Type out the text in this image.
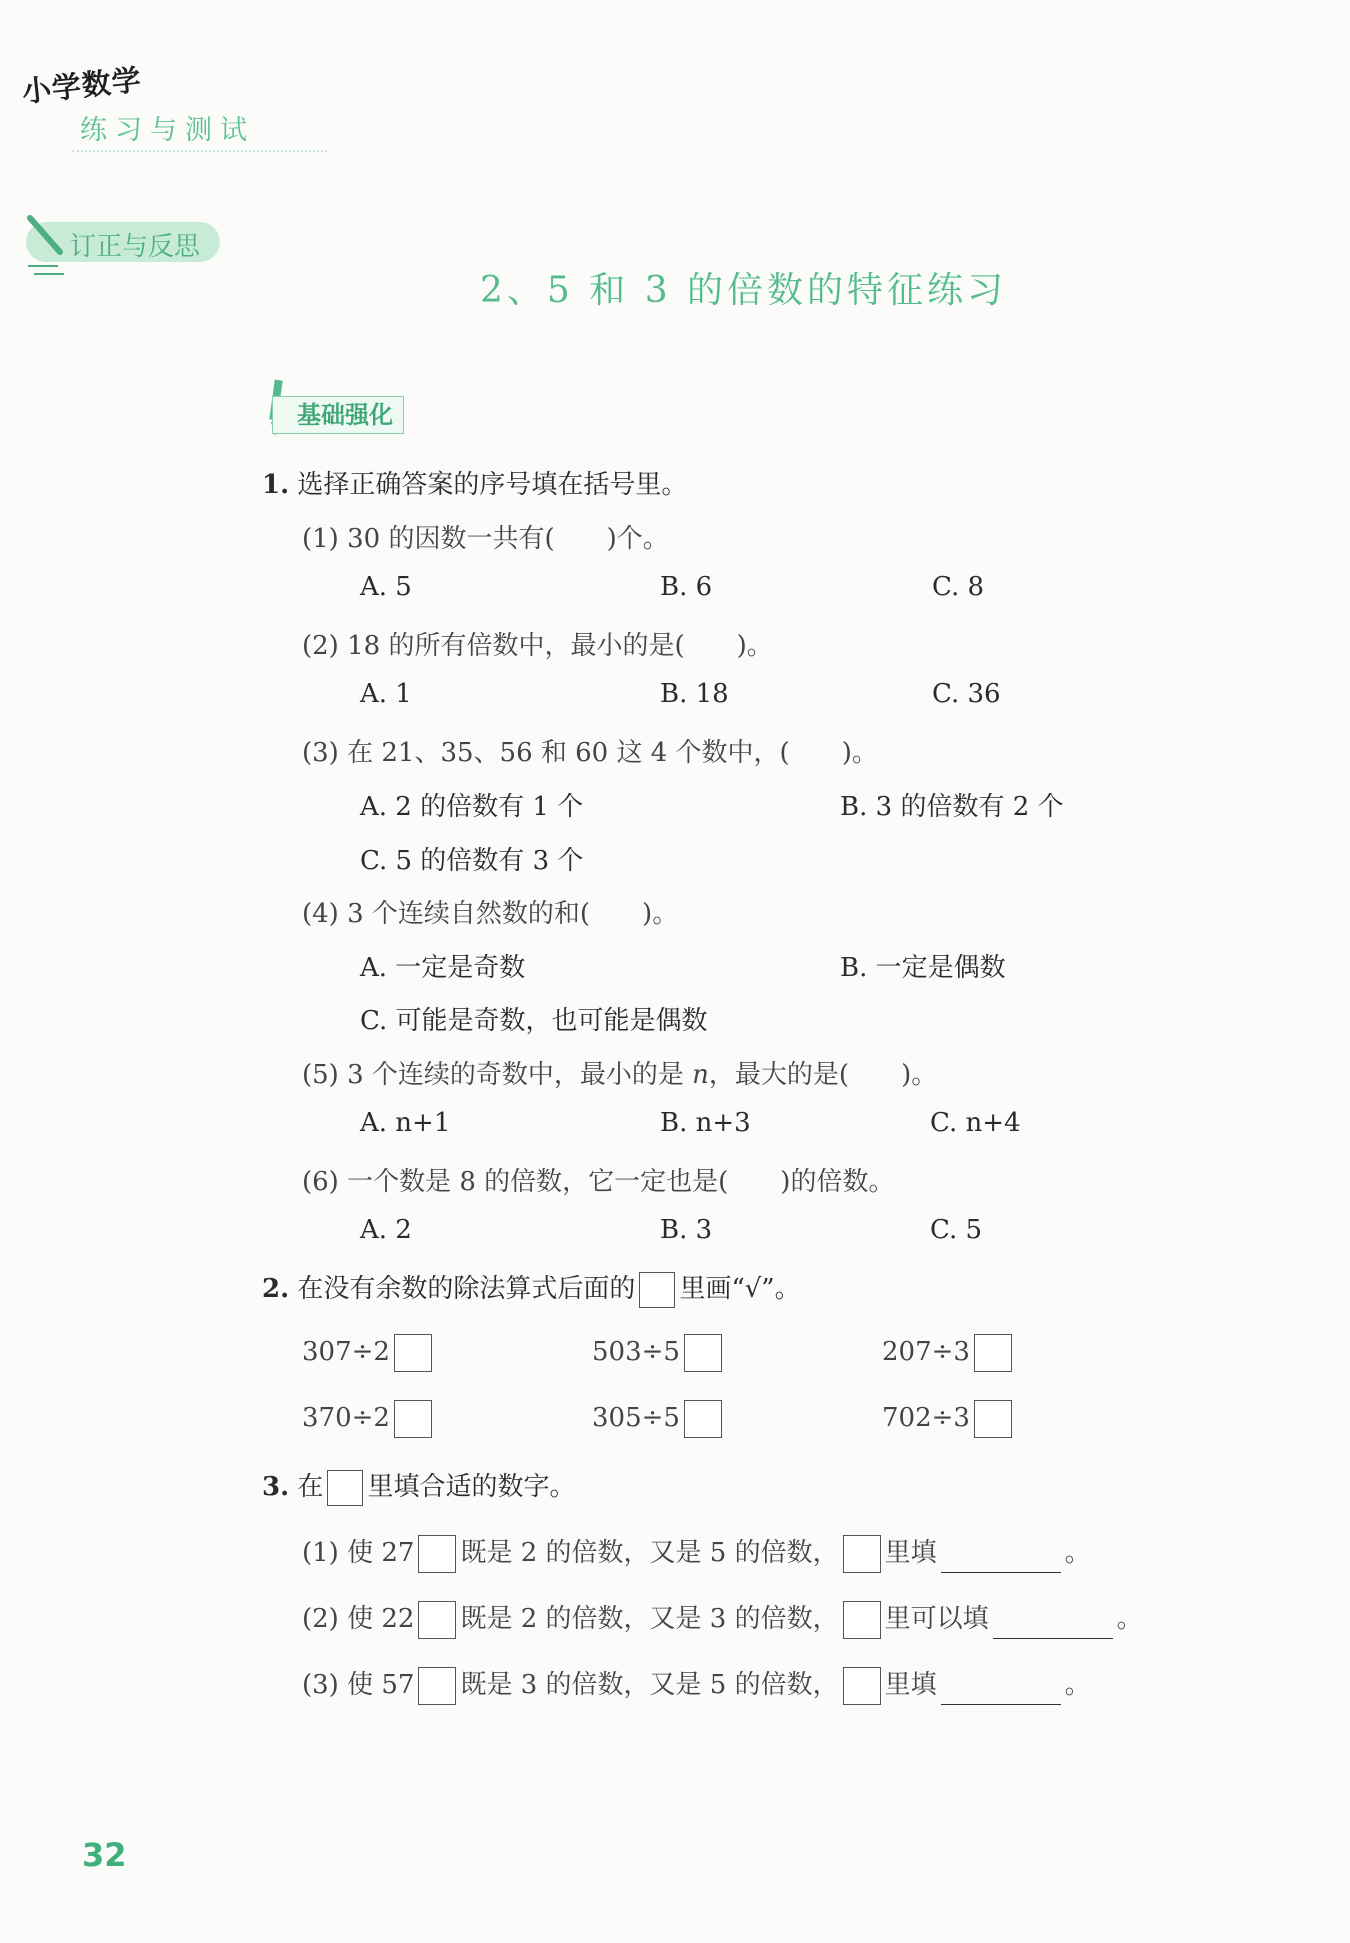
小学数学
练习与测试
订正与反思
2、5 和 3 的倍数的特征练习
基础强化
1. 选择正确答案的序号填在括号里。
(1) 30 的因数一共有(　　)个。
A. 5	B. 6	C. 8
(2) 18 的所有倍数中，最小的是(　　)。
A. 1	B. 18	C. 36
(3) 在 21、35、56 和 60 这 4 个数中，(　　)。
A. 2 的倍数有 1 个	B. 3 的倍数有 2 个
C. 5 的倍数有 3 个
(4) 3 个连续自然数的和(　　)。
A. 一定是奇数	B. 一定是偶数
C. 可能是奇数，也可能是偶数
(5) 3 个连续的奇数中，最小的是 n，最大的是(　　)。
A. n+1	B. n+3	C. n+4
(6) 一个数是 8 的倍数，它一定也是(　　)的倍数。
A. 2	B. 3	C. 5
2. 在没有余数的除法算式后面的 里画“√”。
307÷2	503÷5	207÷3
370÷2	305÷5	702÷3
3. 在 里填合适的数字。
(1) 使 27 既是 2 的倍数，又是 5 的倍数， 里填	。
(2) 使 22 既是 2 的倍数，又是 3 的倍数， 里可以填	。
(3) 使 57 既是 3 的倍数，又是 5 的倍数， 里填	。
32
